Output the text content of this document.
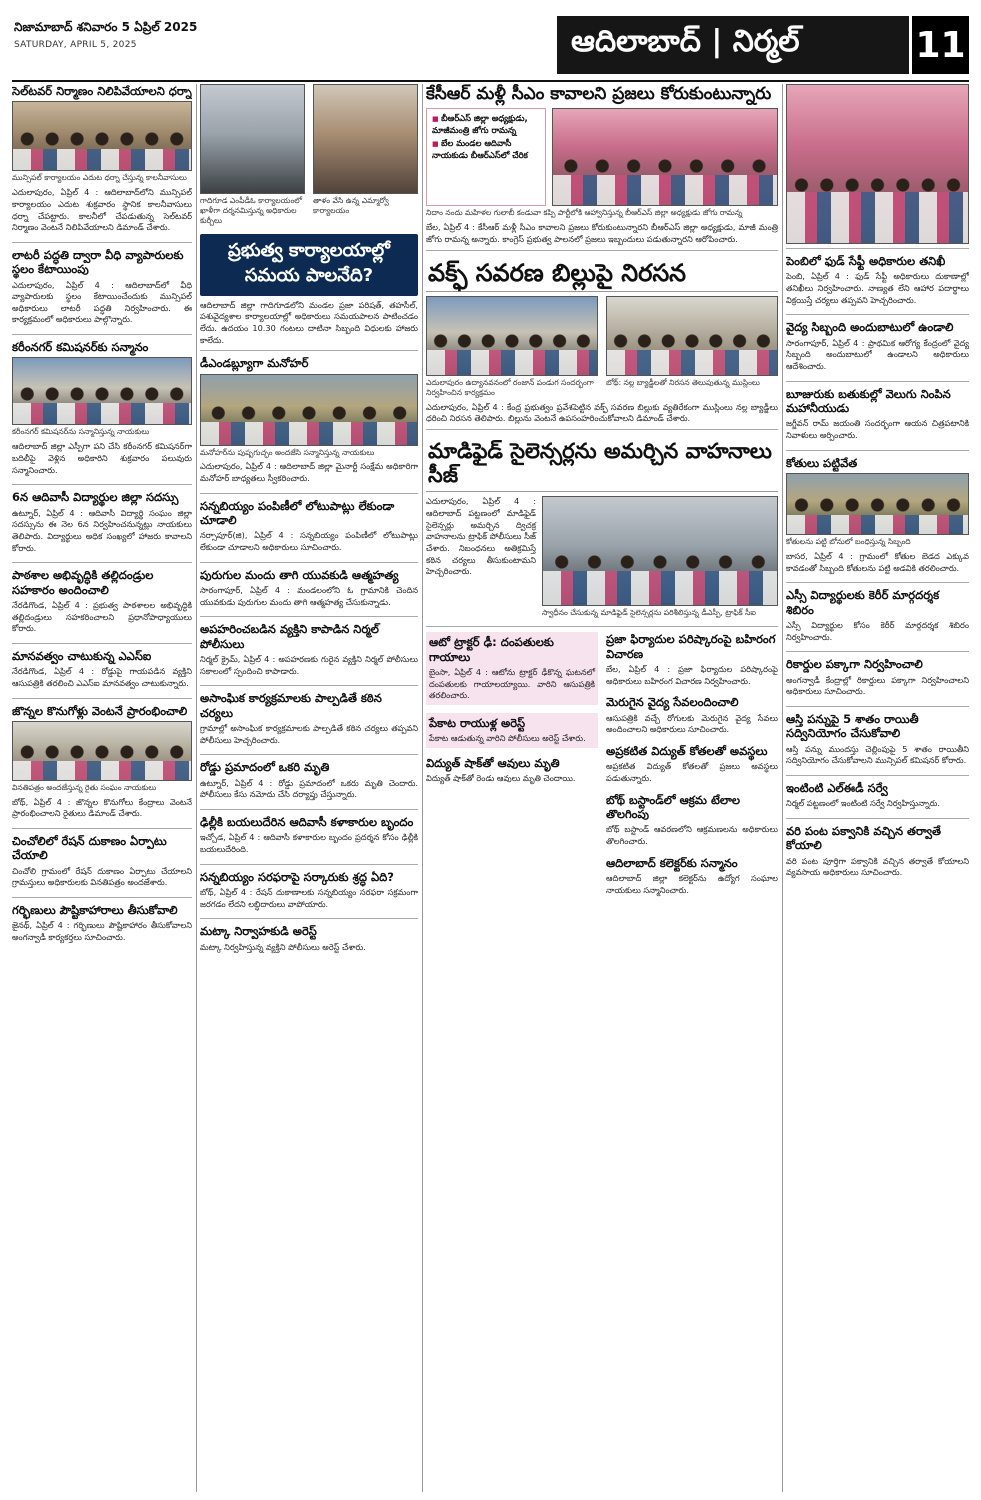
నిజామాబాద్ శనివారం 5 ఏప్రిల్ 2025
SATURDAY, APRIL 5, 2025	ఆదిలాబాద్ | నిర్మల్	11
సెల్‌టవర్ నిర్మాణం నిలిపివేయాలని ధర్నా
మున్సిపల్ కార్యాలయం ఎదుట ధర్నా చేస్తున్న కాలనీవాసులు
ఎదులాపురం, ఏప్రిల్ 4 : ఆదిలాబాద్‌లోని మున్సిపల్ కార్యాలయం ఎదుట శుక్రవారం స్థానిక కాలనీవాసులు ధర్నా చేపట్టారు. కాలనీలో చేపడుతున్న సెల్‌టవర్ నిర్మాణం వెంటనే నిలిపివేయాలని డిమాండ్ చేశారు.
లాటరీ పద్ధతి ద్వారా వీధి వ్యాపారులకు స్థలం కేటాయింపు
ఎదులాపురం, ఏప్రిల్ 4 : ఆదిలాబాద్‌లో వీధి వ్యాపారులకు స్థలం కేటాయించేందుకు మున్సిపల్ అధికారులు లాటరీ పద్ధతి నిర్వహించారు. ఈ కార్యక్రమంలో అధికారులు పాల్గొన్నారు.
కరీంనగర్ కమిషనర్‌కు సన్మానం
కరీంనగర్ కమిషనర్‌ను సన్మానిస్తున్న నాయకులు
ఆదిలాబాద్ జిల్లా ఎస్పీగా పని చేసి కరీంనగర్ కమిషనర్‌గా బదిలీపై వెళ్లిన అధికారిని శుక్రవారం పలువురు సన్మానించారు.
6న ఆదివాసీ విద్యార్థుల జిల్లా సదస్సు
ఉట్నూర్, ఏప్రిల్ 4 : ఆదివాసీ విద్యార్థి సంఘం జిల్లా సదస్సును ఈ నెల 6న నిర్వహించనున్నట్లు నాయకులు తెలిపారు. విద్యార్థులు అధిక సంఖ్యలో హాజరు కావాలని కోరారు.
పాఠశాల అభివృద్ధికి తల్లిదండ్రుల సహకారం అందించాలి
నేరడిగొండ, ఏప్రిల్ 4 : ప్రభుత్వ పాఠశాలల అభివృద్ధికి తల్లిదండ్రులు సహకరించాలని ప్రధానోపాధ్యాయులు కోరారు.
మానవత్వం చాటుకున్న ఎఎస్ఐ
నేరడిగొండ, ఏప్రిల్ 4 : రోడ్డుపై గాయపడిన వ్యక్తిని ఆసుపత్రికి తరలించి ఎఎస్ఐ మానవత్వం చాటుకున్నారు.
జొన్నల కొనుగోళ్లు వెంటనే ప్రారంభించాలి
వినతిపత్రం అందజేస్తున్న రైతు సంఘం నాయకులు
బోథ్, ఏప్రిల్ 4 : జొన్నల కొనుగోలు కేంద్రాలు వెంటనే ప్రారంభించాలని రైతులు డిమాండ్ చేశారు.
చించోలిలో రేషన్ దుకాణం ఏర్పాటు చేయాలి
చించోలి గ్రామంలో రేషన్ దుకాణం ఏర్పాటు చేయాలని గ్రామస్తులు అధికారులకు వినతిపత్రం అందజేశారు.
గర్భిణులు పౌష్టికాహారాలు తీసుకోవాలి
జైనథ్, ఏప్రిల్ 4 : గర్భిణులు పౌష్టికాహారం తీసుకోవాలని అంగన్వాడీ కార్యకర్తలు సూచించారు.
గాదిగూడ ఎంపీడీఓ కార్యాలయంలో ఖాళీగా దర్శనమిస్తున్న అధికారుల కుర్చీలు
తాళం వేసి ఉన్న ఎమ్మార్వో కార్యాలయం
ప్రభుత్వ కార్యాలయాల్లో సమయ పాలనేది?
ఆదిలాబాద్ జిల్లా గాదిగూడలోని మండల ప్రజా పరిషత్, తహసీల్, పశువైద్యశాల కార్యాలయాల్లో అధికారులు సమయపాలన పాటించడం లేదు. ఉదయం 10.30 గంటలు దాటినా సిబ్బంది విధులకు హాజరు కాలేదు.
డీఎండబ్ల్యూగా మనోహర్
మనోహర్‌ను పుష్పగుచ్ఛం అందజేసి సన్మానిస్తున్న నాయకులు
ఎదులాపురం, ఏప్రిల్ 4 : ఆదిలాబాద్ జిల్లా మైనార్టీ సంక్షేమ అధికారిగా మనోహర్ బాధ్యతలు స్వీకరించారు.
సన్నబియ్యం పంపిణీలో లోటుపాట్లు లేకుండా చూడాలి
నర్సాపూర్(జి), ఏప్రిల్ 4 : సన్నబియ్యం పంపిణీలో లోటుపాట్లు లేకుండా చూడాలని అధికారులు సూచించారు.
పురుగుల మందు తాగి యువకుడి ఆత్మహత్య
సారంగాపూర్, ఏప్రిల్ 4 : మండలంలోని ఓ గ్రామానికి చెందిన యువకుడు పురుగుల మందు తాగి ఆత్మహత్య చేసుకున్నాడు.
అపహరించబడిన వ్యక్తిని కాపాడిన నిర్మల్ పోలీసులు
నిర్మల్ క్రైమ్, ఏప్రిల్ 4 : అపహరణకు గురైన వ్యక్తిని నిర్మల్ పోలీసులు సకాలంలో స్పందించి కాపాడారు.
అసాంఘిక కార్యక్రమాలకు పాల్పడితే కఠిన చర్యలు
గ్రామాల్లో అసాంఘిక కార్యక్రమాలకు పాల్పడితే కఠిన చర్యలు తప్పవని పోలీసులు హెచ్చరించారు.
రోడ్డు ప్రమాదంలో ఒకరి మృతి
ఉట్నూర్, ఏప్రిల్ 4 : రోడ్డు ప్రమాదంలో ఒకరు మృతి చెందారు. పోలీసులు కేసు నమోదు చేసి దర్యాప్తు చేస్తున్నారు.
ఢిల్లీకి బయలుదేరిన ఆదివాసీ కళాకారుల బృందం
ఇచ్చోడ, ఏప్రిల్ 4 : ఆదివాసీ కళాకారుల బృందం ప్రదర్శన కోసం ఢిల్లీకి బయలుదేరింది.
సన్నబియ్యం సరఫరాపై సర్కారుకు శ్రద్ధ ఏది?
బోథ్, ఏప్రిల్ 4 : రేషన్ దుకాణాలకు సన్నబియ్యం సరఫరా సక్రమంగా జరగడం లేదని లబ్ధిదారులు వాపోయారు.
మట్కా నిర్వాహకుడి అరెస్ట్
మట్కా నిర్వహిస్తున్న వ్యక్తిని పోలీసులు అరెస్ట్ చేశారు.
కేసీఆర్ మళ్లీ సీఎం కావాలని ప్రజలు కోరుకుంటున్నారు
■ బీఆర్ఎస్ జిల్లా అధ్యక్షుడు, మాజీమంత్రి జోగు రామన్న
■ బేల మండల ఆదివాసీ నాయకుడు బీఆర్ఎస్‌లో చేరిక
నిదాం నందు మహిళల గులాబీ కండువా కప్పి పార్టీలోకి ఆహ్వానిస్తున్న బీఆర్ఎస్ జిల్లా అధ్యక్షుడు జోగు రామన్న
బేల, ఏప్రిల్ 4 : కేసీఆర్ మళ్లీ సీఎం కావాలని ప్రజలు కోరుకుంటున్నారని బీఆర్ఎస్ జిల్లా అధ్యక్షుడు, మాజీ మంత్రి జోగు రామన్న అన్నారు. కాంగ్రెస్ ప్రభుత్వ పాలనలో ప్రజలు ఇబ్బందులు పడుతున్నారని ఆరోపించారు.
వక్ఫ్ సవరణ బిల్లుపై నిరసన
ఎదులాపురం ఉద్యానవనంలో రంజాన్ పండుగ సందర్భంగా నిర్వహించిన కార్యక్రమం
బోథ్: నల్ల బ్యాడ్జీలతో నిరసన తెలుపుతున్న ముస్లింలు
ఎదులాపురం, ఏప్రిల్ 4 : కేంద్ర ప్రభుత్వం ప్రవేశపెట్టిన వక్ఫ్ సవరణ బిల్లుకు వ్యతిరేకంగా ముస్లింలు నల్ల బ్యాడ్జీలు ధరించి నిరసన తెలిపారు. బిల్లును వెంటనే ఉపసంహరించుకోవాలని డిమాండ్ చేశారు.
మాడిఫైడ్ సైలెన్సర్లను అమర్చిన వాహనాలు సీజ్
ఎదులాపురం, ఏప్రిల్ 4 : ఆదిలాబాద్ పట్టణంలో మాడిఫైడ్ సైలెన్సర్లు అమర్చిన ద్విచక్ర వాహనాలను ట్రాఫిక్ పోలీసులు సీజ్ చేశారు. నిబంధనలు అతిక్రమిస్తే కఠిన చర్యలు తీసుకుంటామని హెచ్చరించారు.
స్వాధీనం చేసుకున్న మాడిఫైడ్ సైలెన్సర్లను పరిశీలిస్తున్న డీఎస్పీ, ట్రాఫిక్ సీఐ
ఆటో ట్రాక్టర్ ఢీ: దంపతులకు గాయాలు
బైంసా, ఏప్రిల్ 4 : ఆటోను ట్రాక్టర్ ఢీకొన్న ఘటనలో దంపతులకు గాయాలయ్యాయి. వారిని ఆసుపత్రికి తరలించారు.
పేకాట రాయుళ్ల అరెస్ట్
పేకాట ఆడుతున్న వారిని పోలీసులు అరెస్ట్ చేశారు.
విద్యుత్ షాక్‌తో ఆవులు మృతి
విద్యుత్ షాక్‌తో రెండు ఆవులు మృతి చెందాయి.
ప్రజా ఫిర్యాదుల పరిష్కారంపై బహిరంగ విచారణ
బేల, ఏప్రిల్ 4 : ప్రజా ఫిర్యాదుల పరిష్కారంపై అధికారులు బహిరంగ విచారణ నిర్వహించారు.
మెరుగైన వైద్య సేవలందించాలి
ఆసుపత్రికి వచ్చే రోగులకు మెరుగైన వైద్య సేవలు అందించాలని అధికారులు సూచించారు.
అప్రకటిత విద్యుత్ కోతలతో అవస్థలు
అప్రకటిత విద్యుత్ కోతలతో ప్రజలు అవస్థలు పడుతున్నారు.
బోథ్ బస్టాండ్‌లో ఆక్రమ టేలాల తొలగింపు
బోథ్ బస్టాండ్ ఆవరణలోని ఆక్రమణలను అధికారులు తొలగించారు.
ఆదిలాబాద్ కలెక్టర్‌కు సన్మానం
ఆదిలాబాద్ జిల్లా కలెక్టర్‌ను ఉద్యోగ సంఘాల నాయకులు సన్మానించారు.
పెంబిలో ఫుడ్ సేఫ్టీ అధికారుల తనిఖీ
పెంబి, ఏప్రిల్ 4 : ఫుడ్ సేఫ్టీ అధికారులు దుకాణాల్లో తనిఖీలు నిర్వహించారు. నాణ్యత లేని ఆహార పదార్థాలు విక్రయిస్తే చర్యలు తప్పవని హెచ్చరించారు.
వైద్య సిబ్బంది అందుబాటులో ఉండాలి
సారంగాపూర్, ఏప్రిల్ 4 : ప్రాథమిక ఆరోగ్య కేంద్రంలో వైద్య సిబ్బంది అందుబాటులో ఉండాలని అధికారులు ఆదేశించారు.
బూజురుకు బతుకుల్లో వెలుగు నింపిన మహానీయుడు
జగ్జీవన్ రామ్ జయంతి సందర్భంగా ఆయన చిత్రపటానికి నివాళులు అర్పించారు.
కోతులు పట్టివేత
కోతులను పట్టి బోనులో బంధిస్తున్న సిబ్బంది
బాసర, ఏప్రిల్ 4 : గ్రామంలో కోతుల బెడద ఎక్కువ కావడంతో సిబ్బంది కోతులను పట్టి అడవికి తరలించారు.
ఎస్సీ విద్యార్థులకు కెరీర్ మార్గదర్శక శిబిరం
ఎస్సీ విద్యార్థుల కోసం కెరీర్ మార్గదర్శక శిబిరం నిర్వహించారు.
రికార్డుల పక్కాగా నిర్వహించాలి
అంగన్వాడీ కేంద్రాల్లో రికార్డులు పక్కాగా నిర్వహించాలని అధికారులు సూచించారు.
ఆస్తి పన్నుపై 5 శాతం రాయితీ సద్వినియోగం చేసుకోవాలి
ఆస్తి పన్ను ముందస్తు చెల్లింపుపై 5 శాతం రాయితీని సద్వినియోగం చేసుకోవాలని మున్సిపల్ కమిషనర్ కోరారు.
ఇంటింటి ఎల్‌ఈడీ సర్వే
నిర్మల్ పట్టణంలో ఇంటింటి సర్వే నిర్వహిస్తున్నారు.
వరి పంట పక్వానికి వచ్చిన తర్వాతే కోయాలి
వరి పంట పూర్తిగా పక్వానికి వచ్చిన తర్వాతే కోయాలని వ్యవసాయ అధికారులు సూచించారు.
